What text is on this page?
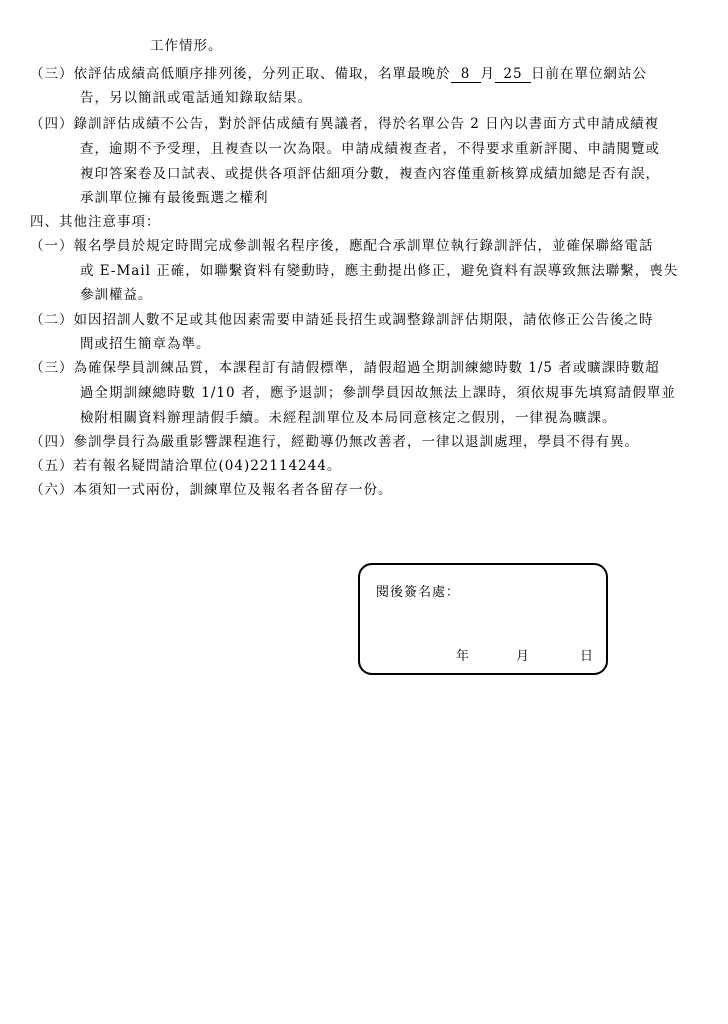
工作情形。
（三）依評估成績高低順序排列後，分列正取、備取，名單最晚於 8 月 25 日前在單位網站公
告，另以簡訊或電話通知錄取結果。
（四）錄訓評估成績不公告，對於評估成績有異議者，得於名單公告 2 日內以書面方式申請成績複
查，逾期不予受理，且複查以一次為限。申請成績複查者，不得要求重新評閱、申請閱覽或
複印答案卷及口試表、或提供各項評估細項分數，複查內容僅重新核算成績加總是否有誤，
承訓單位擁有最後甄選之權利
四、其他注意事項：
（一）報名學員於規定時間完成參訓報名程序後，應配合承訓單位執行錄訓評估，並確保聯絡電話
或 E-Mail 正確，如聯繫資料有變動時，應主動提出修正，避免資料有誤導致無法聯繫，喪失
參訓權益。
（二）如因招訓人數不足或其他因素需要申請延長招生或調整錄訓評估期限，請依修正公告後之時
間或招生簡章為準。
（三）為確保學員訓練品質，本課程訂有請假標準，請假超過全期訓練總時數 1/5 者或曠課時數超
過全期訓練總時數 1/10 者，應予退訓；參訓學員因故無法上課時，須依規事先填寫請假單並
檢附相關資料辦理請假手續。未經程訓單位及本局同意核定之假別，一律視為曠課。
（四）參訓學員行為嚴重影響課程進行，經勸導仍無改善者，一律以退訓處理，學員不得有異。
（五）若有報名疑問請洽單位(04)22114244。
（六）本須知一式兩份，訓練單位及報名者各留存一份。
閱後簽名處：
年	月	日
